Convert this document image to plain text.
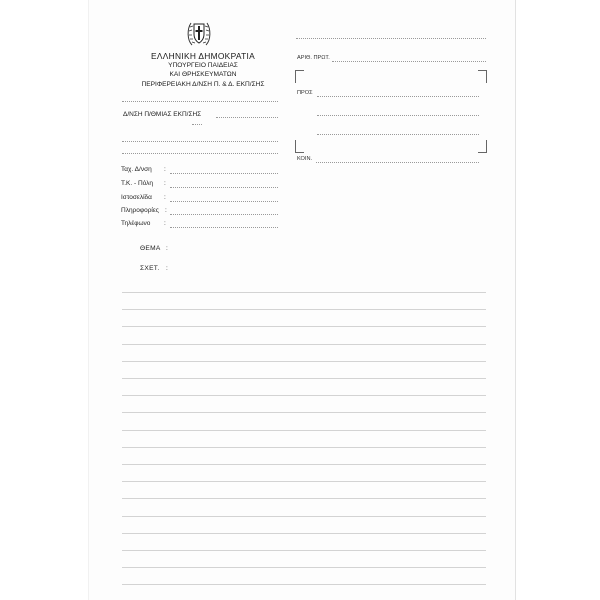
ΕΛΛΗΝΙΚΗ ΔΗΜΟΚΡΑΤΙΑ
ΥΠΟΥΡΓΕΙΟ ΠΑΙΔΕΙΑΣ
ΚΑΙ ΘΡΗΣΚΕΥΜΑΤΩΝ
ΠΕΡΙΦΕΡΕΙΑΚΗ Δ/ΝΣΗ Π. & Δ. ΕΚΠ/ΣΗΣ
Δ/ΝΣΗ Π/ΘΜΙΑΣ ΕΚΠ/ΣΗΣ
ΑΡΙΘ. ΠΡΩΤ.
ΠΡΟΣ
ΚΟΙΝ.
Ταχ. Δ/νση :
Τ.Κ. - Πόλη :
Ιστοσελίδα :
Πληροφορίες :
Τηλέφωνο :
ΘΕΜΑ :
ΣΧΕΤ. :
